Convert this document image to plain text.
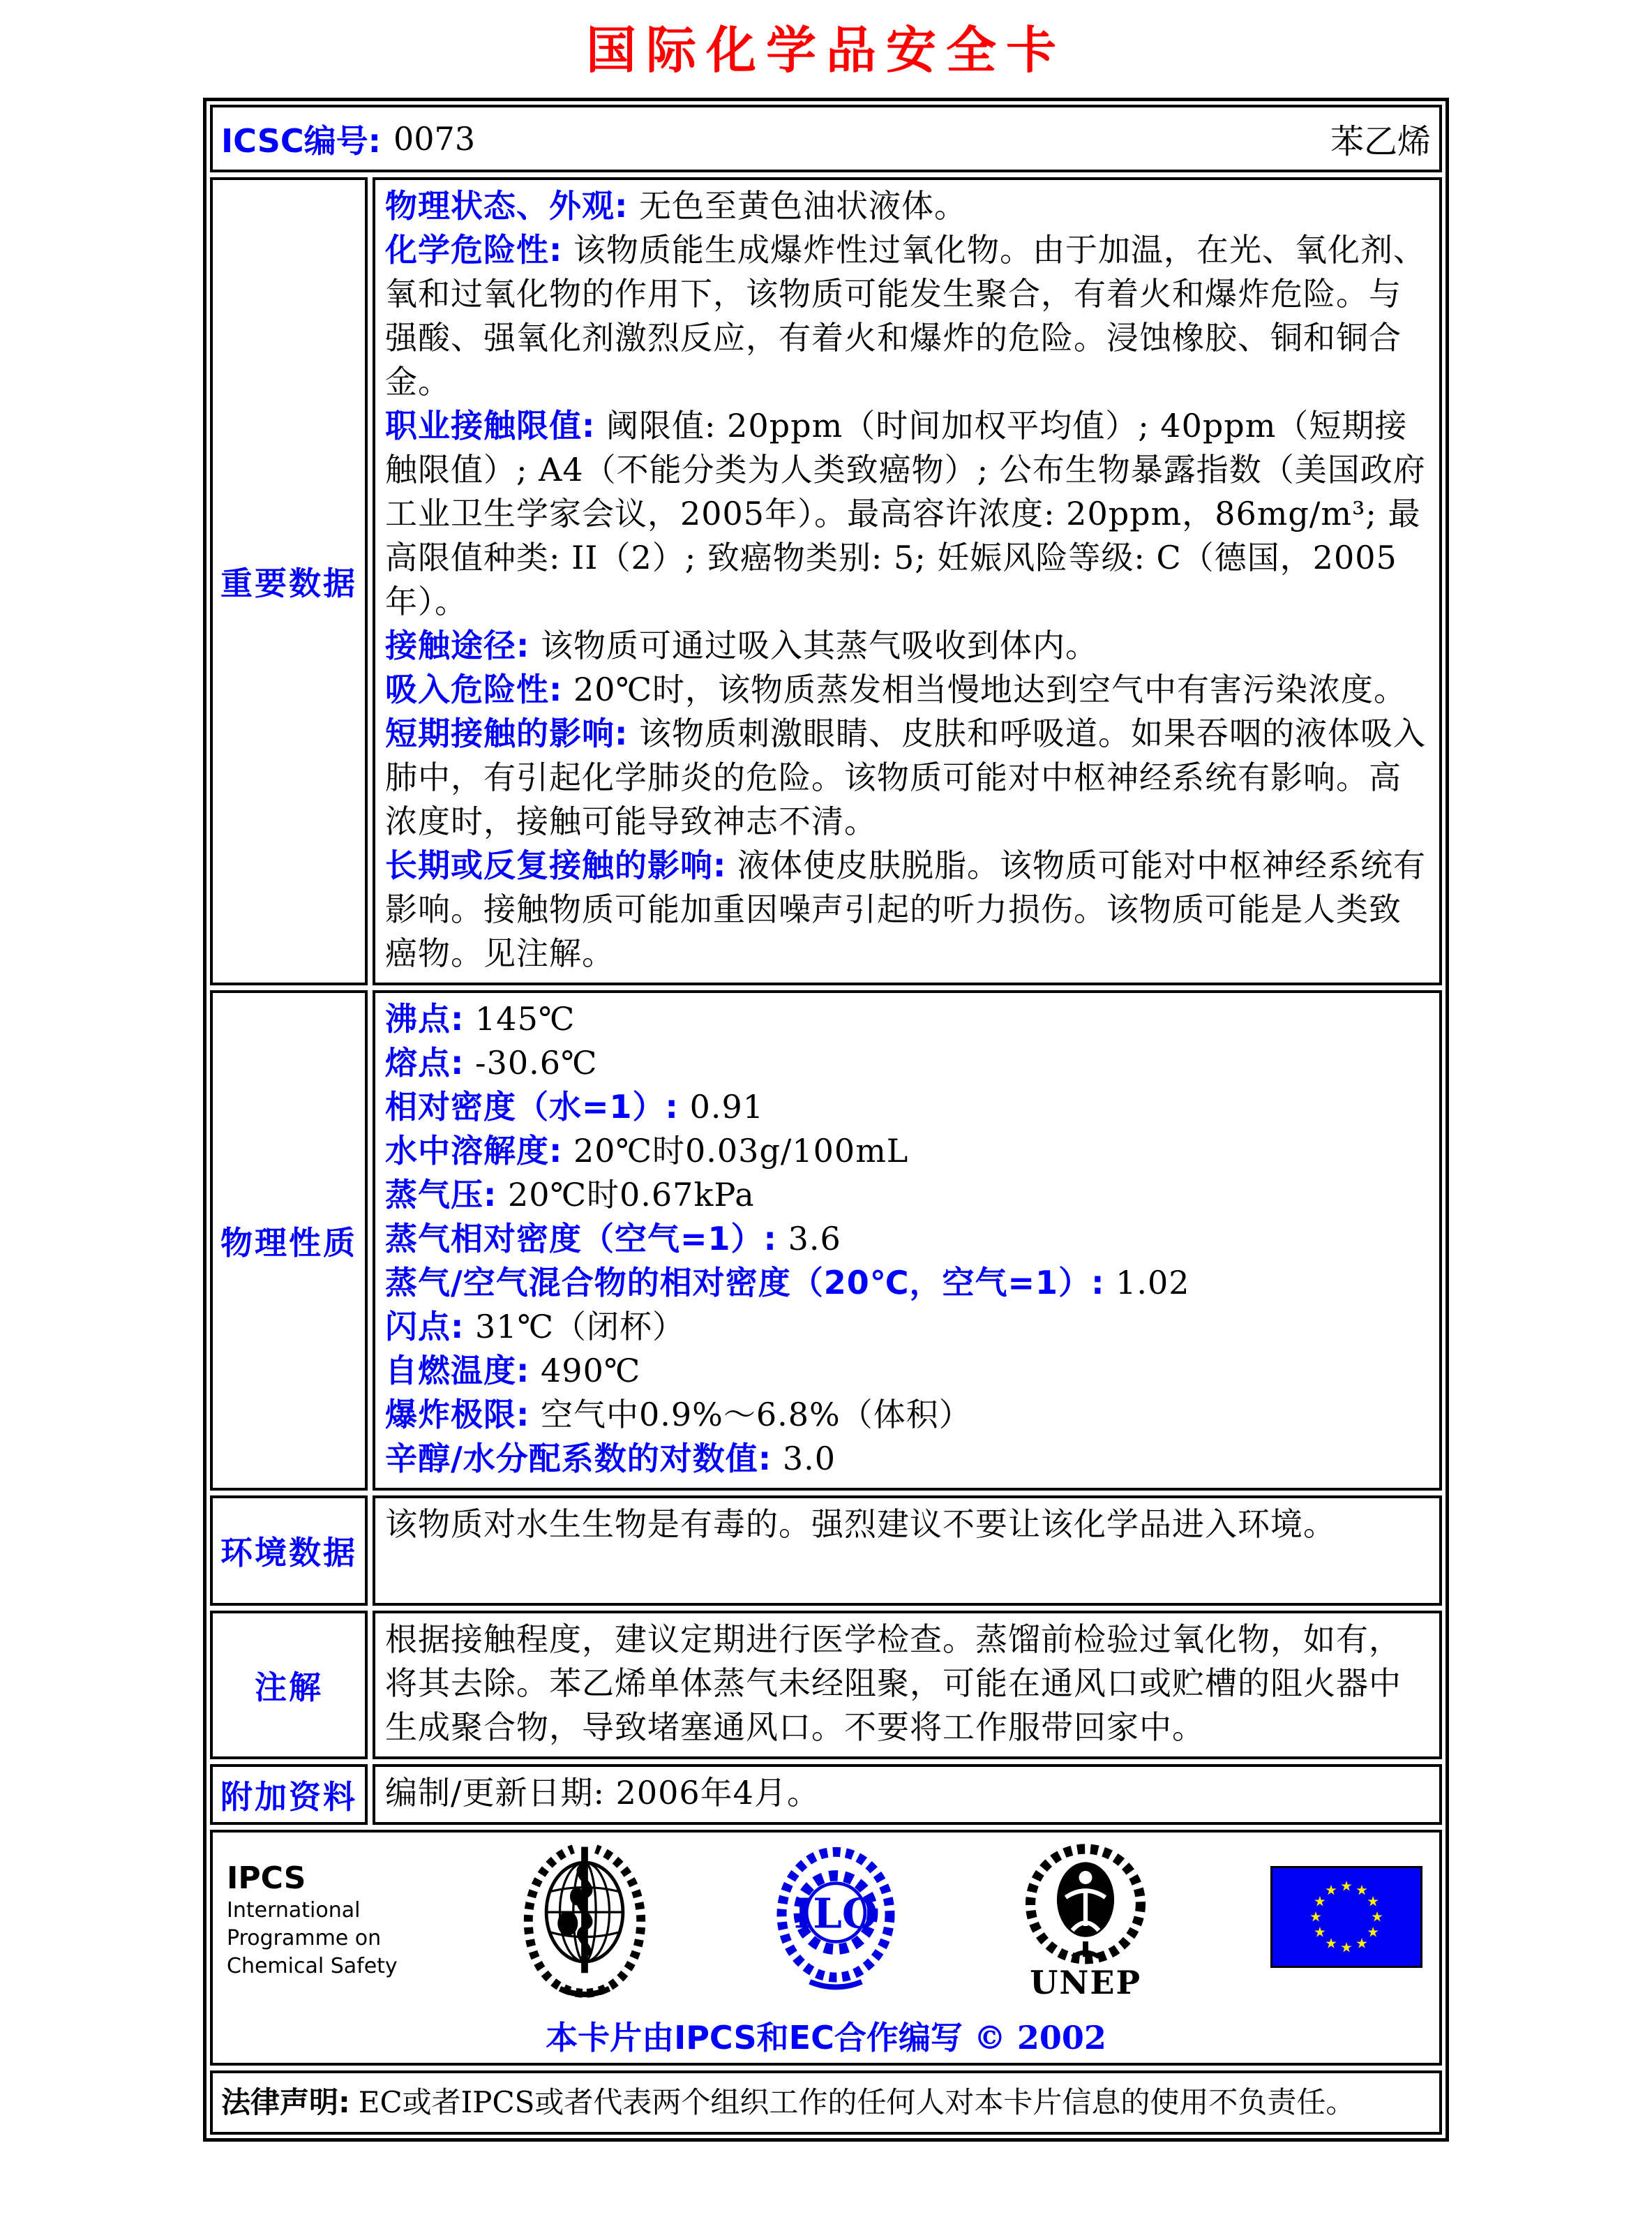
国际化学品安全卡
ICSC编号: 0073	苯乙烯
重要数据

物理状态、外观: 无色至黄色油状液体。

化学危险性: 该物质能生成爆炸性过氧化物。由于加温，在光、氧化剂、氧和过氧化物的作用下，该物质可能发生聚合，有着火和爆炸危险。与强酸、强氧化剂激烈反应，有着火和爆炸的危险。浸蚀橡胶、铜和铜合金。

职业接触限值: 阈限值: 20ppm（时间加权平均值）; 40ppm（短期接触限值）; A4（不能分类为人类致癌物）; 公布生物暴露指数（美国政府工业卫生学家会议，2005年）。最高容许浓度: 20ppm，86mg/m³; 最高限值种类: II（2）; 致癌物类别: 5; 妊娠风险等级: C（德国，2005年）。

接触途径: 该物质可通过吸入其蒸气吸收到体内。

吸入危险性: 20℃时，该物质蒸发相当慢地达到空气中有害污染浓度。

短期接触的影响: 该物质刺激眼睛、皮肤和呼吸道。如果吞咽的液体吸入肺中，有引起化学肺炎的危险。该物质可能对中枢神经系统有影响。高浓度时，接触可能导致神志不清。

长期或反复接触的影响: 液体使皮肤脱脂。该物质可能对中枢神经系统有影响。接触物质可能加重因噪声引起的听力损伤。该物质可能是人类致癌物。见注解。

物理性质

沸点: 145℃

熔点: -30.6℃

相对密度（水=1）: 0.91

水中溶解度: 20℃时0.03g/100mL

蒸气压: 20℃时0.67kPa

蒸气相对密度（空气=1）: 3.6

蒸气/空气混合物的相对密度（20℃，空气=1）: 1.02

闪点: 31℃（闭杯）

自燃温度: 490℃

爆炸极限: 空气中0.9%～6.8%（体积）

辛醇/水分配系数的对数值: 3.0

环境数据

该物质对水生生物是有毒的。强烈建议不要让该化学品进入环境。

注解

根据接触程度，建议定期进行医学检查。蒸馏前检验过氧化物，如有，将其去除。苯乙烯单体蒸气未经阻聚，可能在通风口或贮槽的阻火器中生成聚合物，导致堵塞通风口。不要将工作服带回家中。

附加资料 编制/更新日期: 2006年4月。

IPCS
International
Programme on
Chemical Safety
ILO
UNEP
本卡片由IPCS和EC合作编写 © 2002
法律声明: EC或者IPCS或者代表两个组织工作的任何人对本卡片信息的使用不负责任。
